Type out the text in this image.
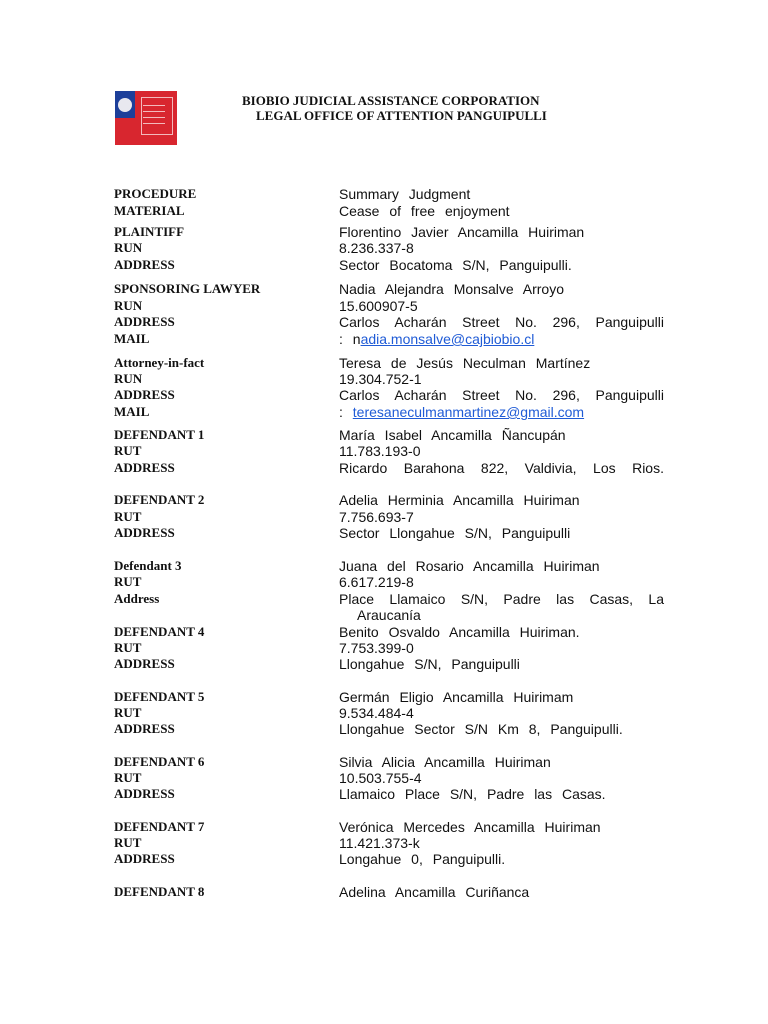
BIOBIO JUDICIAL ASSISTANCE CORPORATION
LEGAL OFFICE OF ATTENTION PANGUIPULLI
PROCEDURE	Summary Judgment
MATERIAL	Cease of free enjoyment
PLAINTIFF	Florentino Javier Ancamilla Huiriman
RUN	8.236.337-8
ADDRESS	Sector Bocatoma S/N, Panguipulli.
SPONSORING LAWYER	Nadia Alejandra Monsalve Arroyo
RUN	15.600907-5
ADDRESS	Carlos Acharán Street No. 296, Panguipulli
MAIL	: nadia.monsalve@cajbiobio.cl
Attorney-in-fact	Teresa de Jesús Neculman Martínez
RUN	19.304.752-1
ADDRESS	Carlos Acharán Street No. 296, Panguipulli
MAIL	: teresaneculmanmartinez@gmail.com
DEFENDANT 1	María Isabel Ancamilla Ñancupán
RUT	11.783.193-0
ADDRESS	Ricardo Barahona 822, Valdivia, Los Rios.
DEFENDANT 2	Adelia Herminia Ancamilla Huiriman
RUT	7.756.693-7
ADDRESS	Sector Llongahue S/N, Panguipulli
Defendant 3	Juana del Rosario Ancamilla Huiriman
RUT	6.617.219-8
Address	Place Llamaico S/N, Padre las Casas, La
Araucanía
DEFENDANT 4	Benito Osvaldo Ancamilla Huiriman.
RUT	7.753.399-0
ADDRESS	Llongahue S/N, Panguipulli
DEFENDANT 5	Germán Eligio Ancamilla Huirimam
RUT	9.534.484-4
ADDRESS	Llongahue Sector S/N Km 8, Panguipulli.
DEFENDANT 6	Silvia Alicia Ancamilla Huiriman
RUT	10.503.755-4
ADDRESS	Llamaico Place S/N, Padre las Casas.
DEFENDANT 7	Verónica Mercedes Ancamilla Huiriman
RUT	11.421.373-k
ADDRESS	Longahue 0, Panguipulli.
DEFENDANT 8	Adelina Ancamilla Curiñanca
